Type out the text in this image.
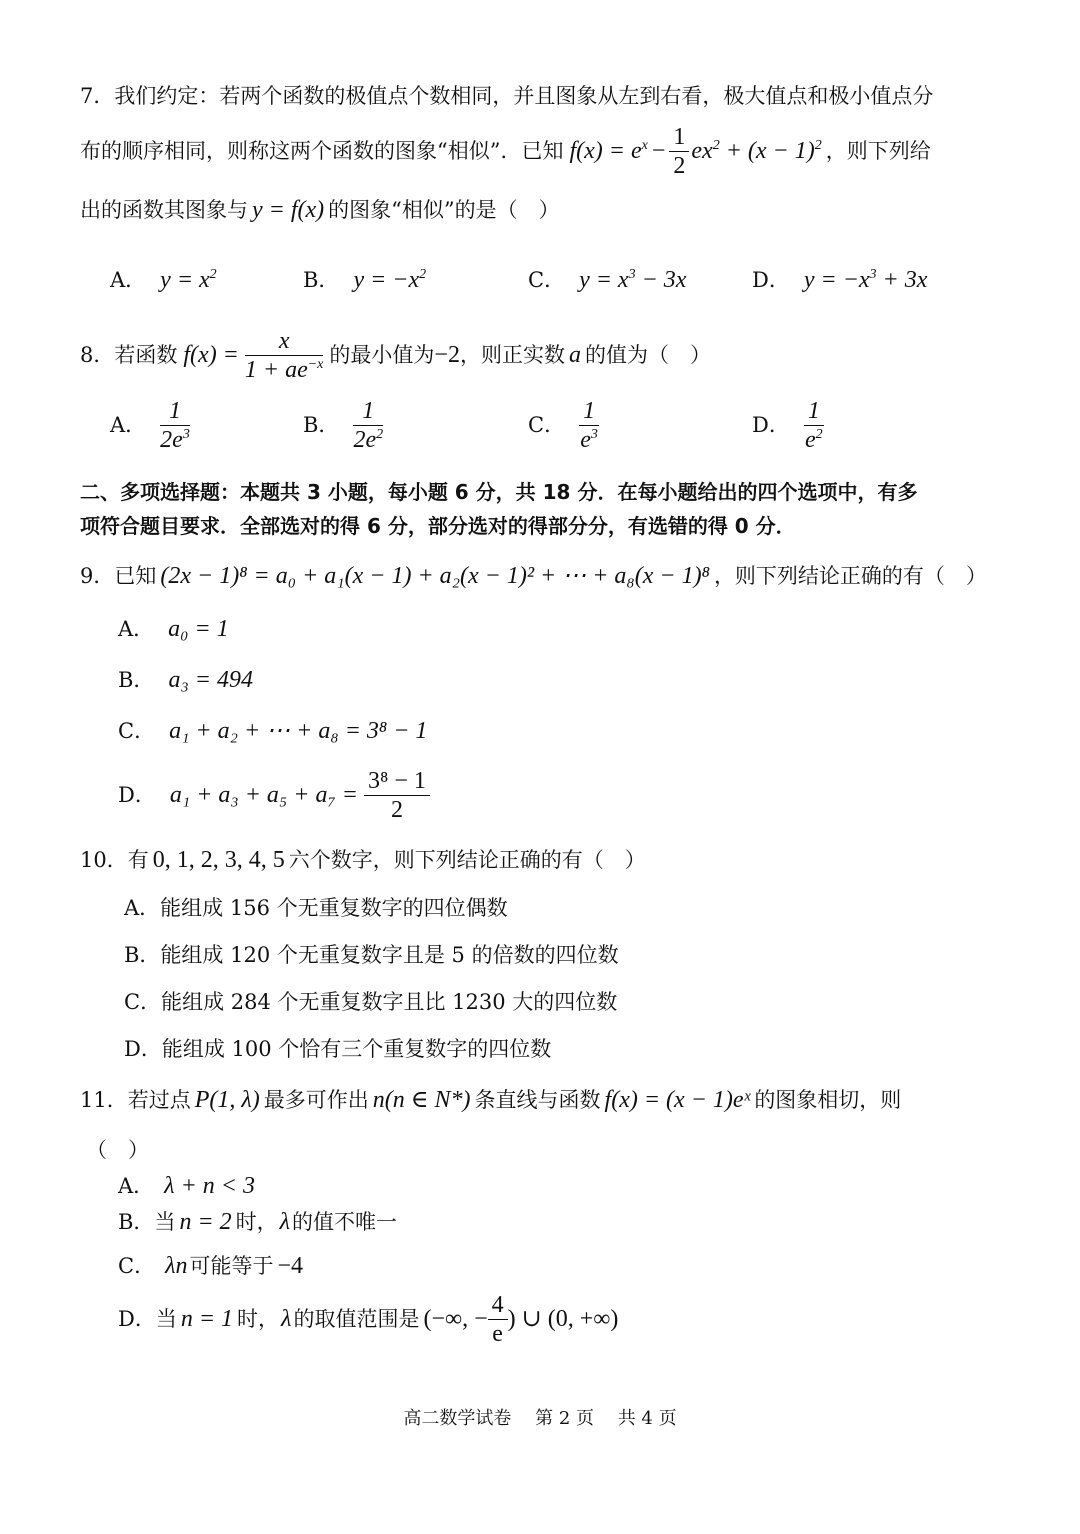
7．我们约定：若两个函数的极值点个数相同，并且图象从左到右看，极大值点和极小值点分
布的顺序相同，则称这两个函数的图象“相似”．已知 $f(x) = e^x - \frac{1}{2} ex^2 + (x - 1)^2$ ，则下列给
出的函数其图象与 y = f(x) 的图象“相似”的是（　）
A． $y = x^2$	B． $y = -x^2$	C． $y = x^3 - 3x$	D． $y = -x^3 + 3x$
8．若函数 $f(x) = \frac{x}{1 + ae^{-x}}$ 的最小值为 −2 ，则正实数 a 的值为（　）
A． $\frac{1}{2e^3}$	B． $\frac{1}{2e^2}$	C． $\frac{1}{e^3}$	D． $\frac{1}{e^2}$
二、多项选择题：本题共 3 小题，每小题 6 分，共 18 分．在每小题给出的四个选项中，有多
项符合题目要求．全部选对的得 6 分，部分选对的得部分分，有选错的得 0 分．
9．已知 (2x − 1)⁸ = a₀ + a₁(x − 1) + a₂(x − 1)² + ⋯ + a₈(x − 1)⁸ ，则下列结论正确的有（　）
A． a₀ = 1
B． a₃ = 494
C． a₁ + a₂ + ⋯ + a₈ = 3⁸ − 1
D． $a_1 + a_3 + a_5 + a_7 = \frac{\text{3⁸ − 1}}{2}$
10．有 0, 1, 2, 3, 4, 5 六个数字，则下列结论正确的有（　）
A．能组成 156 个无重复数字的四位偶数
B．能组成 120 个无重复数字且是 5 的倍数的四位数
C．能组成 284 个无重复数字且比 1230 大的四位数
D．能组成 100 个恰有三个重复数字的四位数
11．若过点 P(1, λ) 最多可作出 n(n ∈ N*) 条直线与函数 f(x) = (x − 1)eˣ 的图象相切，则
（　）
A． λ + n < 3
B． 当 n = 2 时， λ 的值不唯一
C． λn 可能等于 −4
D． 当 n = 1 时， λ 的取值范围是 (−∞, − $\frac{4}{e}$ ) ∪ (0, +∞)
高二数学试卷　 第 2 页　 共 4 页
